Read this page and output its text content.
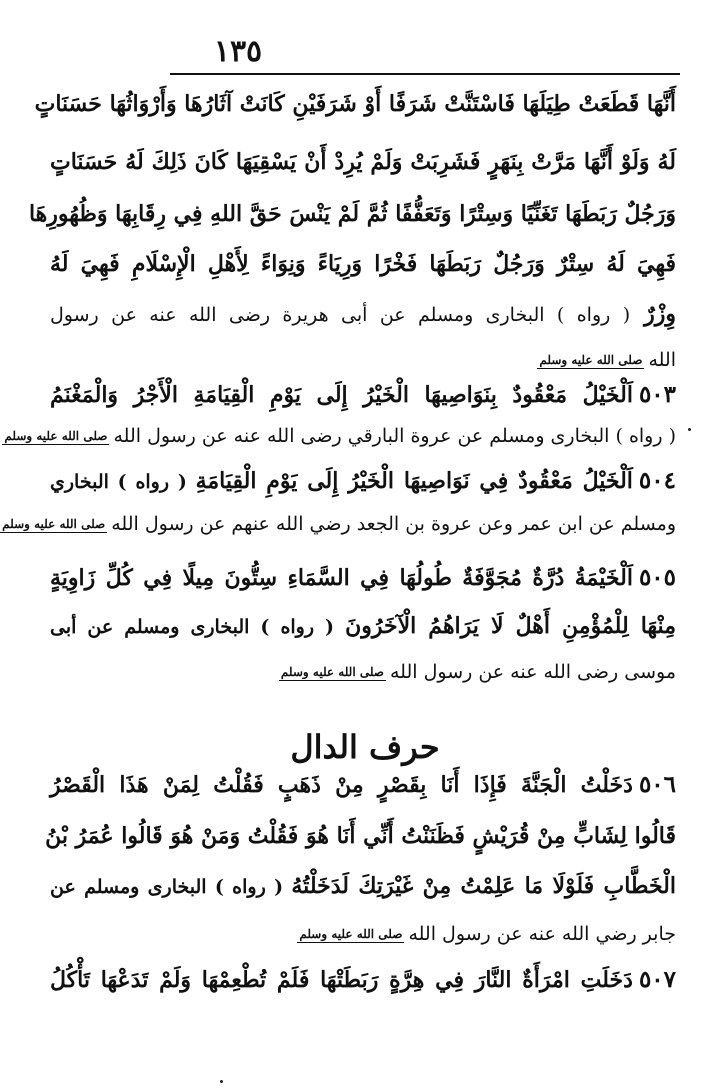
١٣٥
أَنَّهَا قَطَعَتْ طِيَلَهَا فَاسْتَنَّتْ شَرَفًا أَوْ شَرَفَيْنِ كَانَتْ آثَارُهَا وَأَرْوَاثُهَا حَسَنَاتٍ
لَهُ وَلَوْ أَنَّهَا مَرَّتْ بِنَهَرٍ فَشَرِبَتْ وَلَمْ يُرِدْ أَنْ يَسْقِيَهَا كَانَ ذَلِكَ لَهُ حَسَنَاتٍ
وَرَجُلٌ رَبَطَهَا تَغَنِّيًا وَسِتْرًا وَتَعَفُّفًا ثُمَّ لَمْ يَنْسَ حَقَّ اللهِ فِي رِقَابِهَا وَظُهُورِهَا
فَهِيَ لَهُ سِتْرٌ وَرَجُلٌ رَبَطَهَا فَخْرًا وَرِيَاءً وَنِوَاءً لِأَهْلِ الْإِسْلَامِ فَهِيَ لَهُ
وِزْرٌ ( رواه ) البخارى ومسلم عن أبى هريرة رضى الله عنه عن رسول
اللهصلى الله عليه وسلم
٥٠٣اَلْخَيْلُ مَعْقُودٌ بِنَوَاصِيهَا الْخَيْرُ إِلَى يَوْمِ الْقِيَامَةِ الْأَجْرُ وَالْمَغْنَمُ
( رواه ) البخارى ومسلم عن عروة البارقي رضى الله عنه عن رسول اللهصلى الله عليه وسلم
٥٠٤اَلْخَيْلُ مَعْقُودٌ فِي نَوَاصِيهَا الْخَيْرُ إِلَى يَوْمِ الْقِيَامَةِ ( رواه ) البخاري
ومسلم عن ابن عمر وعن عروة بن الجعد رضي الله عنهم عن رسول اللهصلى الله عليه وسلم
٥٠٥اَلْخَيْمَةُ دُرَّةٌ مُجَوَّفَةٌ طُولُهَا فِي السَّمَاءِ سِتُّونَ مِيلًا فِي كُلِّ زَاوِيَةٍ
مِنْهَا لِلْمُؤْمِنِ أَهْلٌ لَا يَرَاهُمُ الْآخَرُونَ ( رواه ) البخارى ومسلم عن أبى
موسى رضى الله عنه عن رسول اللهصلى الله عليه وسلم
٥٠٦دَخَلْتُ الْجَنَّةَ فَإِذَا أَنَا بِقَصْرٍ مِنْ ذَهَبٍ فَقُلْتُ لِمَنْ هَذَا الْقَصْرُ
قَالُوا لِشَابٍّ مِنْ قُرَيْشٍ فَظَنَنْتُ أَنِّي أَنَا هُوَ فَقُلْتُ وَمَنْ هُوَ قَالُوا عُمَرُ بْنُ
الْخَطَّابِ فَلَوْلَا مَا عَلِمْتُ مِنْ غَيْرَتِكَ لَدَخَلْتُهُ ( رواه ) البخارى ومسلم عن
جابر رضي الله عنه عن رسول اللهصلى الله عليه وسلم
٥٠٧دَخَلَتِ امْرَأَةٌ النَّارَ فِي هِرَّةٍ رَبَطَتْهَا فَلَمْ تُطْعِمْهَا وَلَمْ تَدَعْهَا تَأْكُلُ
حرف الدال
